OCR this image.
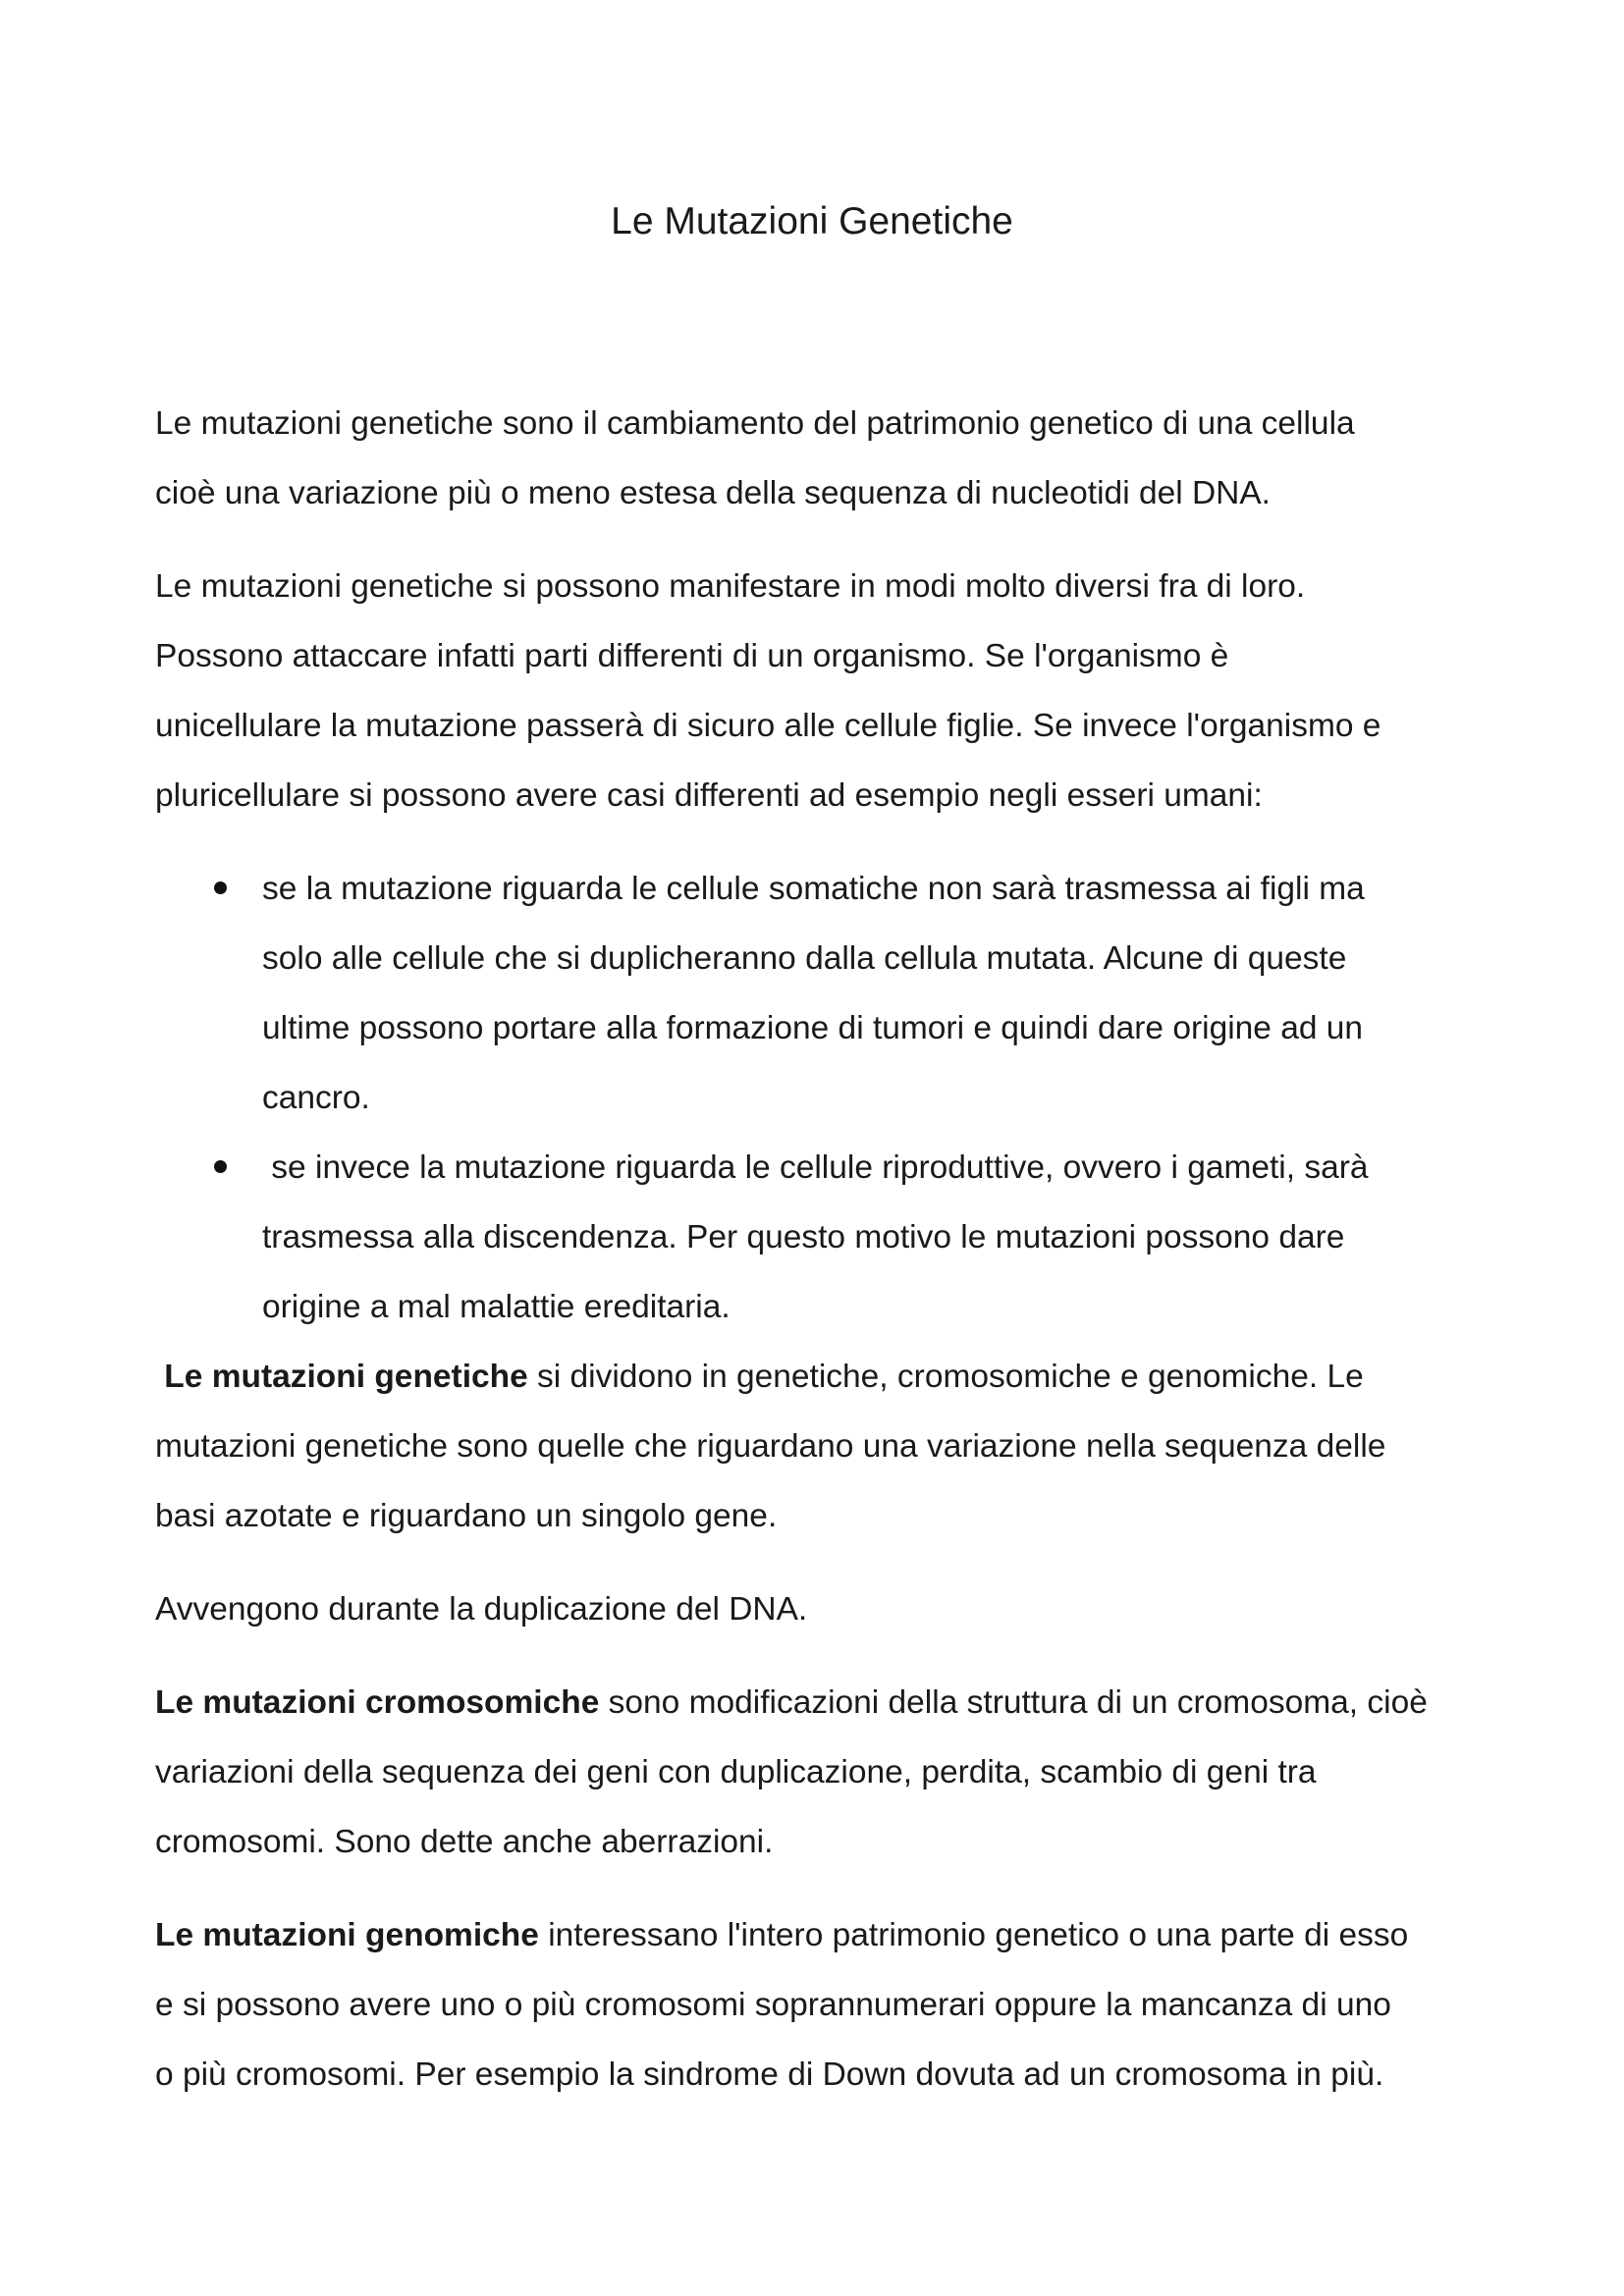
Le Mutazioni Genetiche

Le mutazioni genetiche sono il cambiamento del patrimonio genetico di una cellula

cioè una variazione più o meno estesa della sequenza di nucleotidi del DNA.

Le mutazioni genetiche si possono manifestare in modi molto diversi fra di loro.

Possono attaccare infatti parti differenti di un organismo. Se l'organismo è

unicellulare la mutazione passerà di sicuro alle cellule figlie. Se invece l'organismo e

pluricellulare si possono avere casi differenti ad esempio negli esseri umani:

se la mutazione riguarda le cellule somatiche non sarà trasmessa ai figli ma

solo alle cellule che si duplicheranno dalla cellula mutata. Alcune di queste

ultime possono portare alla formazione di tumori e quindi dare origine ad un

cancro.

se invece la mutazione riguarda le cellule riproduttive, ovvero i gameti, sarà

trasmessa alla discendenza. Per questo motivo le mutazioni possono dare

origine a mal malattie ereditaria.

Le mutazioni genetiche si dividono in genetiche, cromosomiche e genomiche. Le

mutazioni genetiche sono quelle che riguardano una variazione nella sequenza delle

basi azotate e riguardano un singolo gene.

Avvengono durante la duplicazione del DNA.

Le mutazioni cromosomiche sono modificazioni della struttura di un cromosoma, cioè

variazioni della sequenza dei geni con duplicazione, perdita, scambio di geni tra

cromosomi. Sono dette anche aberrazioni.

Le mutazioni genomiche interessano l'intero patrimonio genetico o una parte di esso

e si possono avere uno o più cromosomi soprannumerari oppure la mancanza di uno

o più cromosomi. Per esempio la sindrome di Down dovuta ad un cromosoma in più.
